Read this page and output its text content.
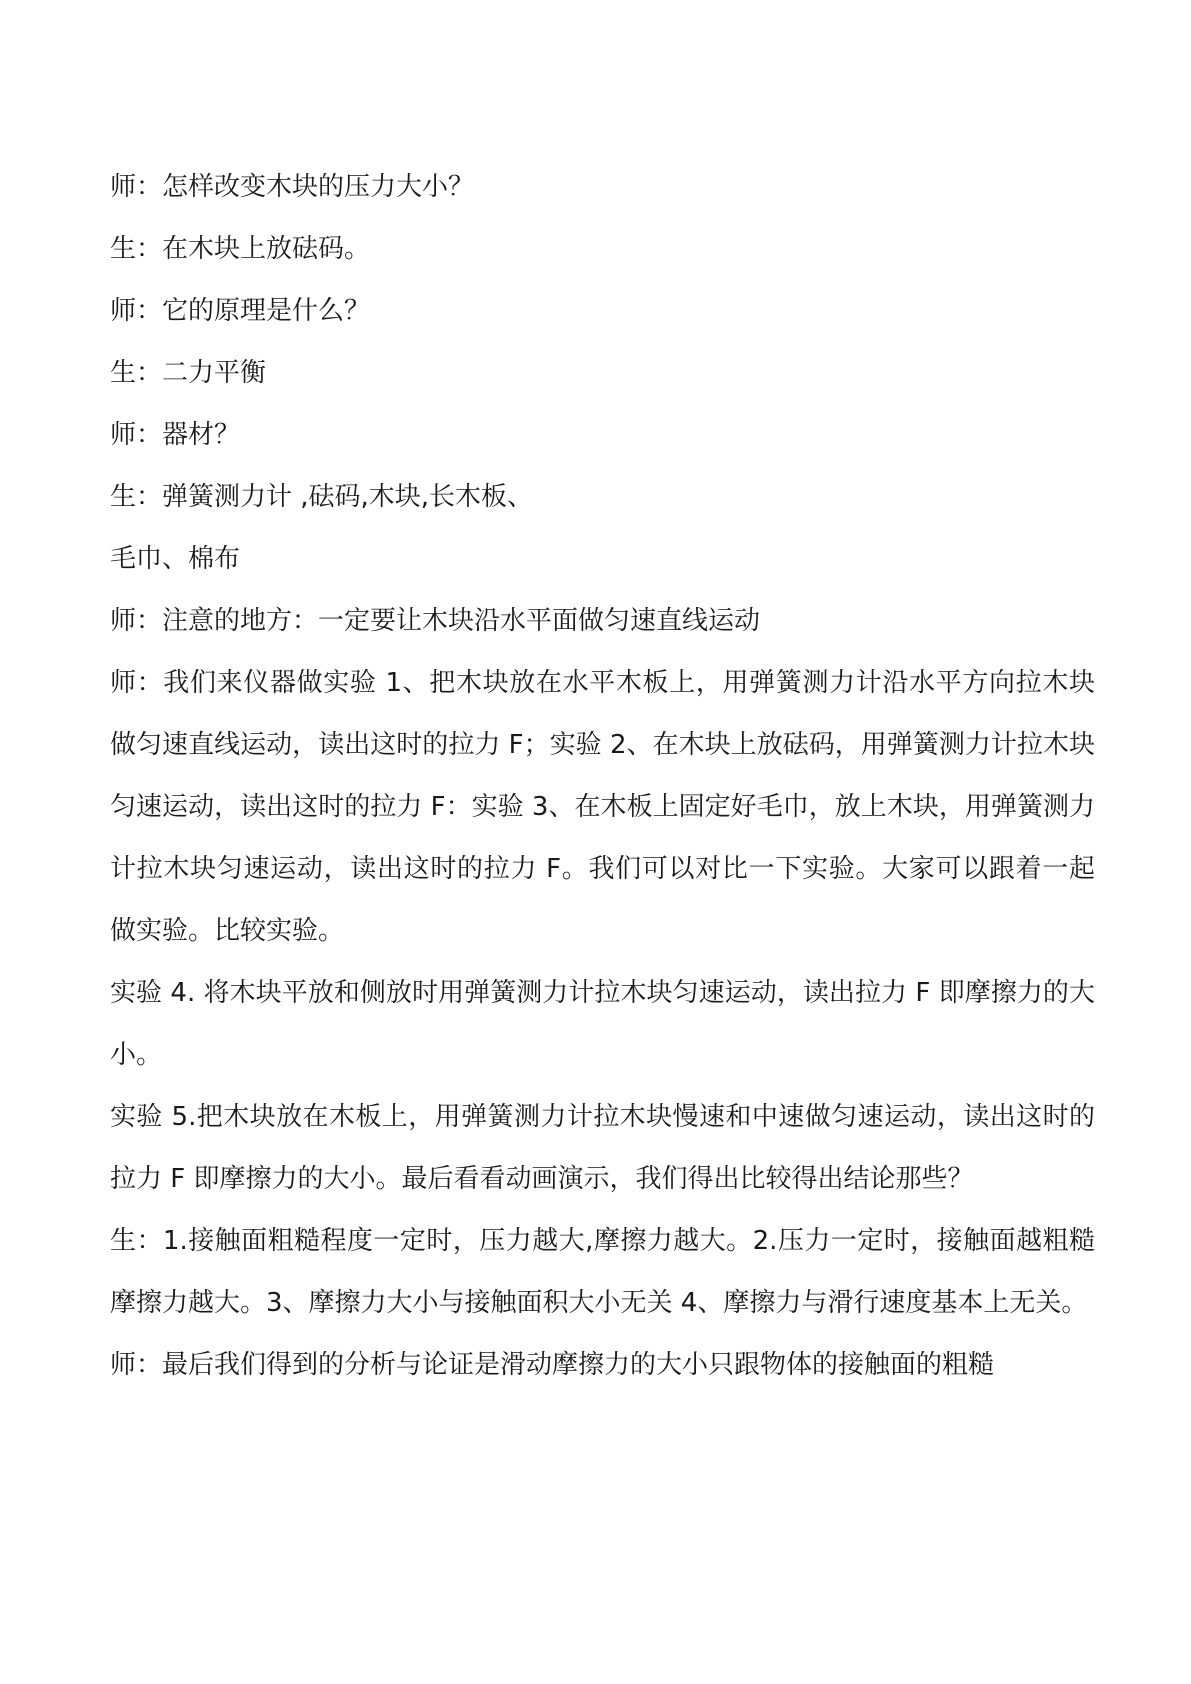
师：怎样改变木块的压力大小？

生：在木块上放砝码。

师：它的原理是什么？

生：二力平衡

师：器材？

生：弹簧测力计 ,砝码,木块,长木板、

毛巾、棉布

师：注意的地方：一定要让木块沿水平面做匀速直线运动

师：我们来仪器做实验 1、把木块放在水平木板上，用弹簧测力计沿水平方向拉木块做匀速直线运动，读出这时的拉力 F；实验 2、在木块上放砝码，用弹簧测力计拉木块匀速运动，读出这时的拉力 F：实验 3、在木板上固定好毛巾，放上木块，用弹簧测力计拉木块匀速运动，读出这时的拉力 F。我们可以对比一下实验。大家可以跟着一起做实验。比较实验。

实验 4. 将木块平放和侧放时用弹簧测力计拉木块匀速运动，读出拉力 F 即摩擦力的大小。

实验 5.把木块放在木板上，用弹簧测力计拉木块慢速和中速做匀速运动，读出这时的拉力 F 即摩擦力的大小。最后看看动画演示，我们得出比较得出结论那些？

生：1.接触面粗糙程度一定时，压力越大,摩擦力越大。2.压力一定时，接触面越粗糙摩擦力越大。3、摩擦力大小与接触面积大小无关 4、摩擦力与滑行速度基本上无关。

师：最后我们得到的分析与论证是滑动摩擦力的大小只跟物体的接触面的粗糙
